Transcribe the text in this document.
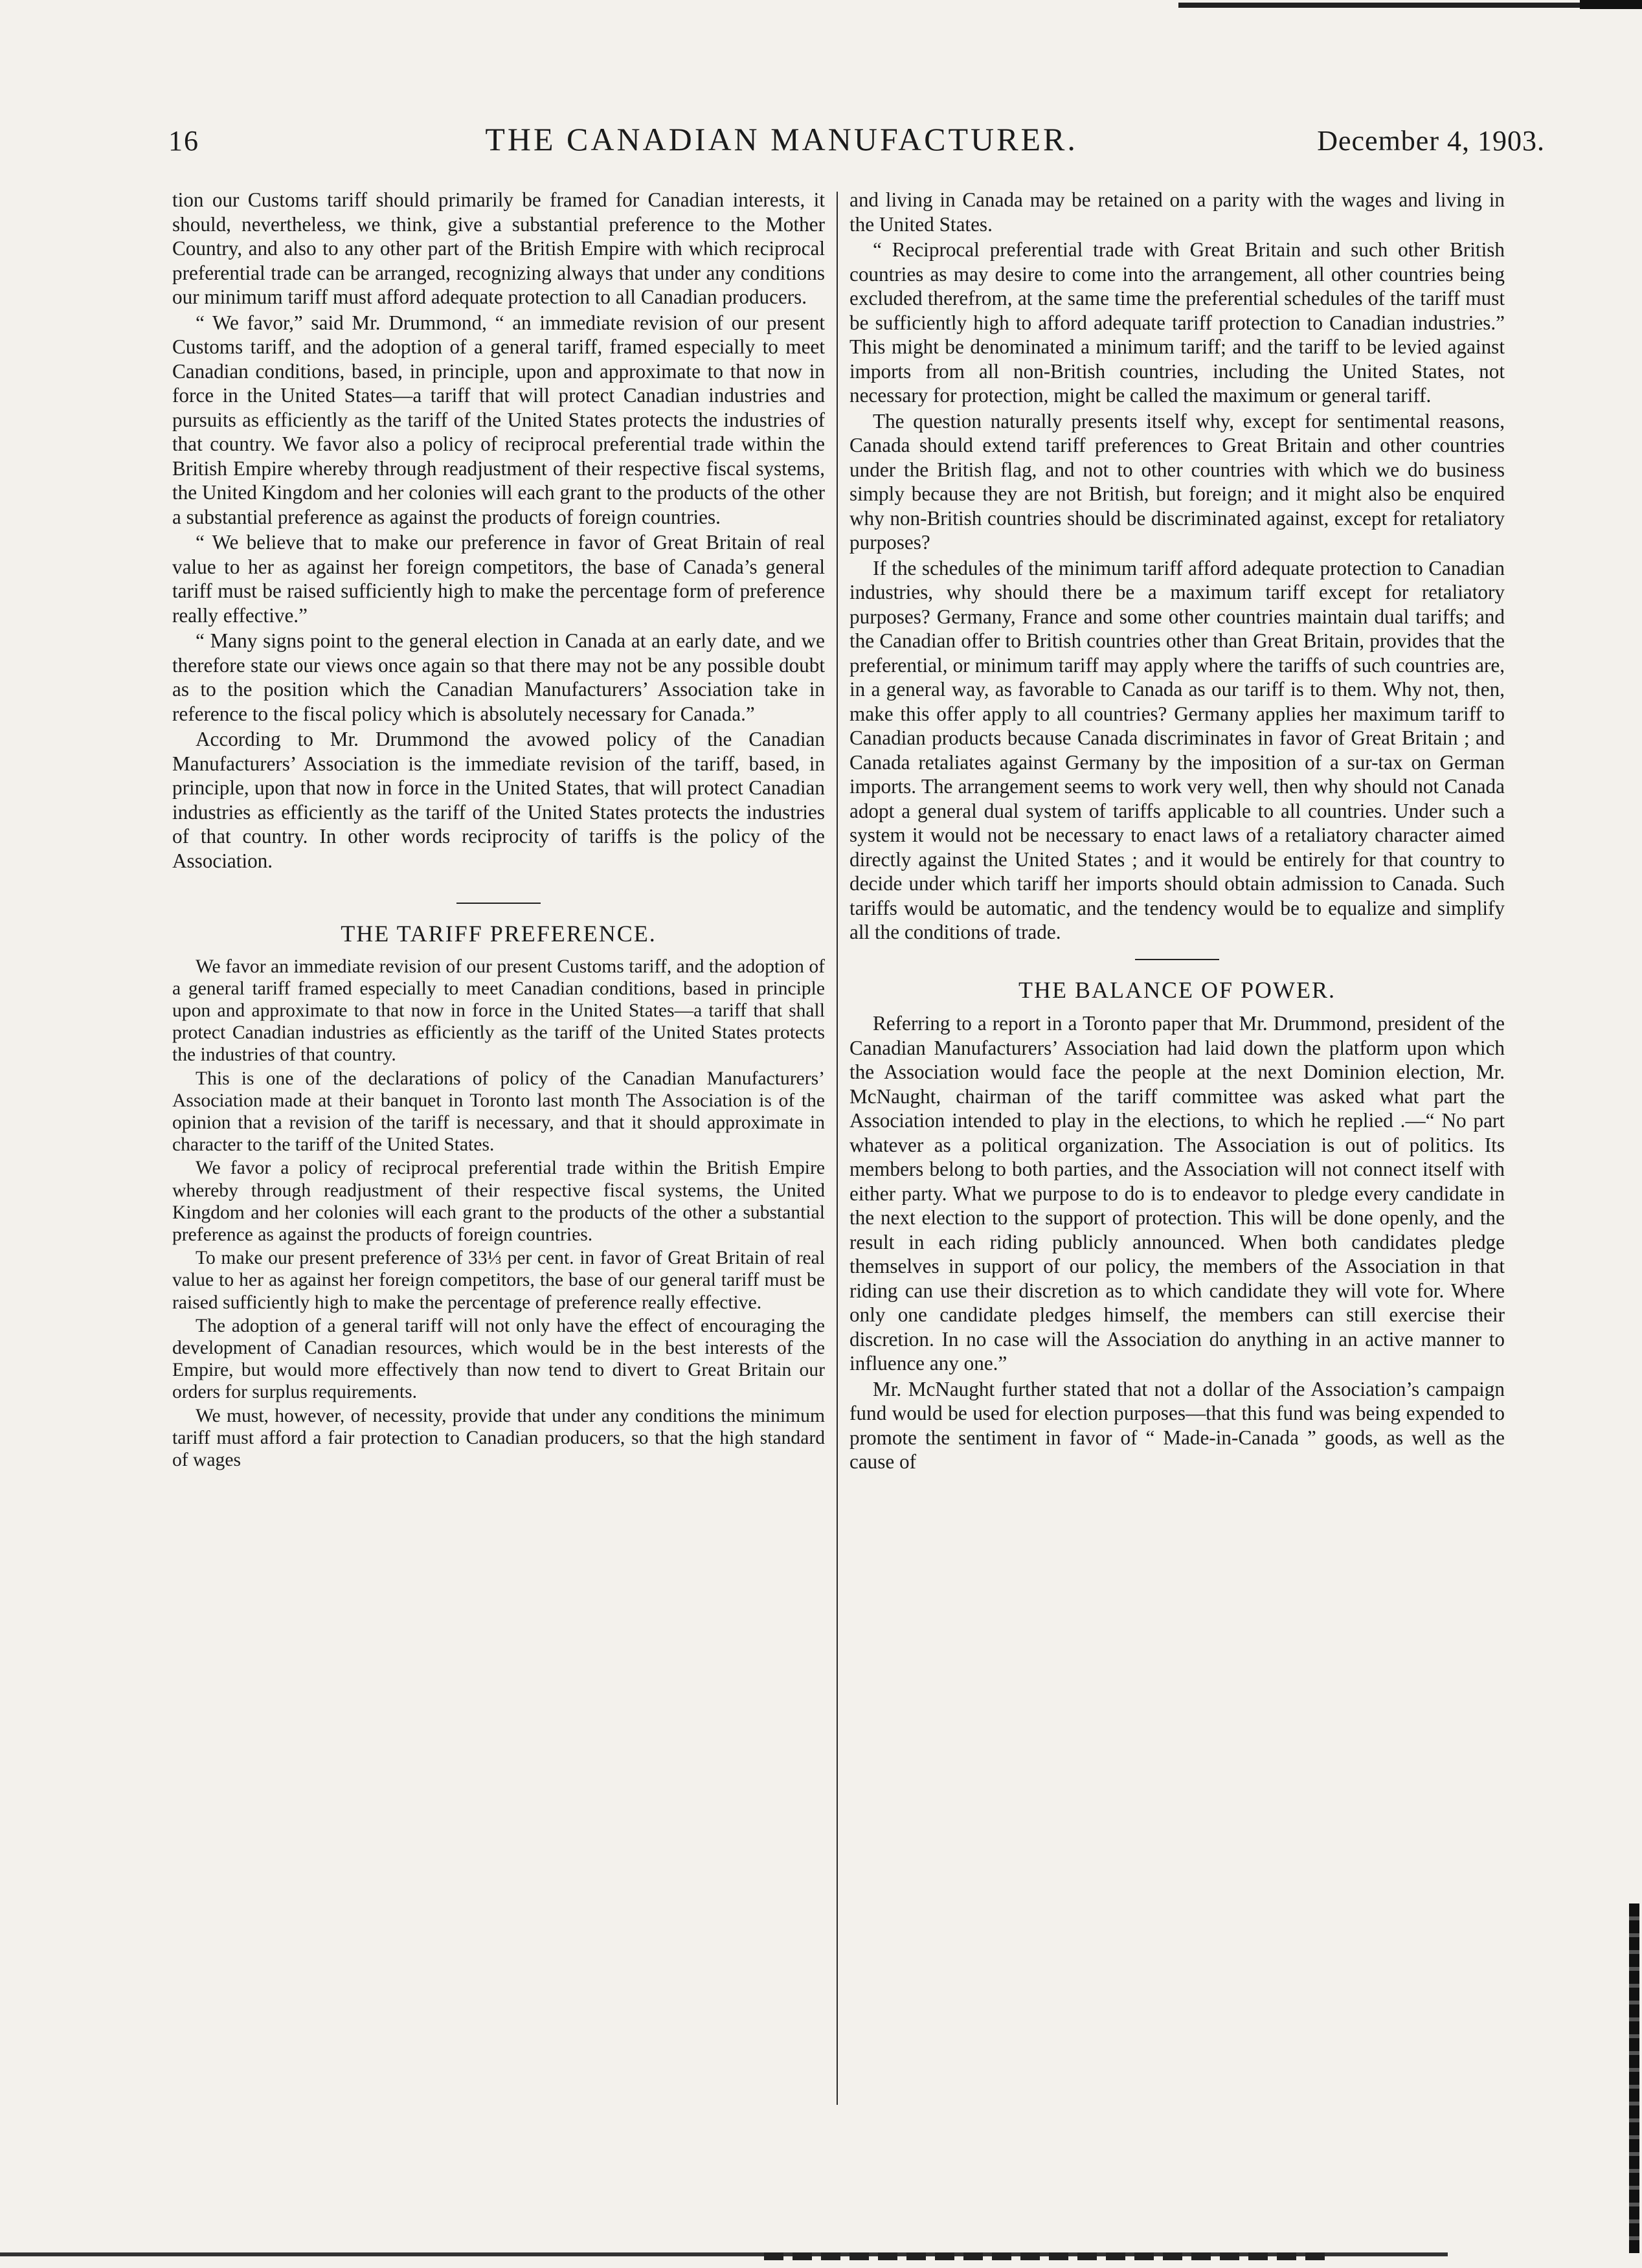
16	THE CANADIAN MANUFACTURER.	December 4, 1903.

tion our Customs tariff should primarily be framed for Canadian interests, it should, nevertheless, we think, give a substantial preference to the Mother Country, and also to any other part of the British Empire with which reciprocal preferential trade can be arranged, recognizing always that under any conditions our minimum tariff must afford adequate protection to all Canadian producers.

“ We favor,” said Mr. Drummond, “ an immediate revision of our present Customs tariff, and the adoption of a general tariff, framed especially to meet Canadian conditions, based, in principle, upon and approximate to that now in force in the United States—a tariff that will protect Canadian industries and pursuits as efficiently as the tariff of the United States protects the industries of that country. We favor also a policy of reciprocal preferential trade within the British Empire whereby through readjustment of their respective fiscal systems, the United Kingdom and her colonies will each grant to the products of the other a substantial preference as against the products of foreign countries.

“ We believe that to make our preference in favor of Great Britain of real value to her as against her foreign competitors, the base of Canada’s general tariff must be raised sufficiently high to make the percentage form of preference really effective.”

“ Many signs point to the general election in Canada at an early date, and we therefore state our views once again so that there may not be any possible doubt as to the position which the Canadian Manufacturers’ Association take in reference to the fiscal policy which is absolutely necessary for Canada.”

According to Mr. Drummond the avowed policy of the Canadian Manufacturers’ Association is the immediate revision of the tariff, based, in principle, upon that now in force in the United States, that will protect Canadian industries as efficiently as the tariff of the United States protects the industries of that country. In other words reciprocity of tariffs is the policy of the Association.

THE TARIFF PREFERENCE.

We favor an immediate revision of our present Customs tariff, and the adoption of a general tariff framed especially to meet Canadian conditions, based in principle upon and approximate to that now in force in the United States—a tariff that shall protect Canadian industries as efficiently as the tariff of the United States protects the industries of that country.

This is one of the declarations of policy of the Canadian Manufacturers’ Association made at their banquet in Toronto last month The Association is of the opinion that a revision of the tariff is necessary, and that it should approximate in character to the tariff of the United States.

We favor a policy of reciprocal preferential trade within the British Empire whereby through readjustment of their respective fiscal systems, the United Kingdom and her colonies will each grant to the products of the other a substantial preference as against the products of foreign countries.

To make our present preference of 33⅓ per cent. in favor of Great Britain of real value to her as against her foreign competitors, the base of our general tariff must be raised sufficiently high to make the percentage of preference really effective.

The adoption of a general tariff will not only have the effect of encouraging the development of Canadian resources, which would be in the best interests of the Empire, but would more effectively than now tend to divert to Great Britain our orders for surplus requirements.

We must, however, of necessity, provide that under any conditions the minimum tariff must afford a fair protection to Canadian producers, so that the high standard of wages

and living in Canada may be retained on a parity with the wages and living in the United States.

“ Reciprocal preferential trade with Great Britain and such other British countries as may desire to come into the arrangement, all other countries being excluded therefrom, at the same time the preferential schedules of the tariff must be sufficiently high to afford adequate tariff protection to Canadian industries.” This might be denominated a minimum tariff; and the tariff to be levied against imports from all non-British countries, including the United States, not necessary for protection, might be called the maximum or general tariff.

The question naturally presents itself why, except for sentimental reasons, Canada should extend tariff preferences to Great Britain and other countries under the British flag, and not to other countries with which we do business simply because they are not British, but foreign; and it might also be enquired why non-British countries should be discriminated against, except for retaliatory purposes?

If the schedules of the minimum tariff afford adequate protection to Canadian industries, why should there be a maximum tariff except for retaliatory purposes? Germany, France and some other countries maintain dual tariffs; and the Canadian offer to British countries other than Great Britain, provides that the preferential, or minimum tariff may apply where the tariffs of such countries are, in a general way, as favorable to Canada as our tariff is to them. Why not, then, make this offer apply to all countries? Germany applies her maximum tariff to Canadian products because Canada discriminates in favor of Great Britain ; and Canada retaliates against Germany by the imposition of a sur-tax on German imports. The arrangement seems to work very well, then why should not Canada adopt a general dual system of tariffs applicable to all countries. Under such a system it would not be necessary to enact laws of a retaliatory character aimed directly against the United States ; and it would be entirely for that country to decide under which tariff her imports should obtain admission to Canada. Such tariffs would be automatic, and the tendency would be to equalize and simplify all the conditions of trade.

THE BALANCE OF POWER.

Referring to a report in a Toronto paper that Mr. Drummond, president of the Canadian Manufacturers’ Association had laid down the platform upon which the Association would face the people at the next Dominion election, Mr. McNaught, chairman of the tariff committee was asked what part the Association intended to play in the elections, to which he replied .—“ No part whatever as a political organization. The Association is out of politics. Its members belong to both parties, and the Association will not connect itself with either party. What we purpose to do is to endeavor to pledge every candidate in the next election to the support of protection. This will be done openly, and the result in each riding publicly announced. When both candidates pledge themselves in support of our policy, the members of the Association in that riding can use their discretion as to which candidate they will vote for. Where only one candidate pledges himself, the members can still exercise their discretion. In no case will the Association do anything in an active manner to influence any one.”

Mr. McNaught further stated that not a dollar of the Association’s campaign fund would be used for election purposes—that this fund was being expended to promote the sentiment in favor of “ Made-in-Canada ” goods, as well as the cause of
